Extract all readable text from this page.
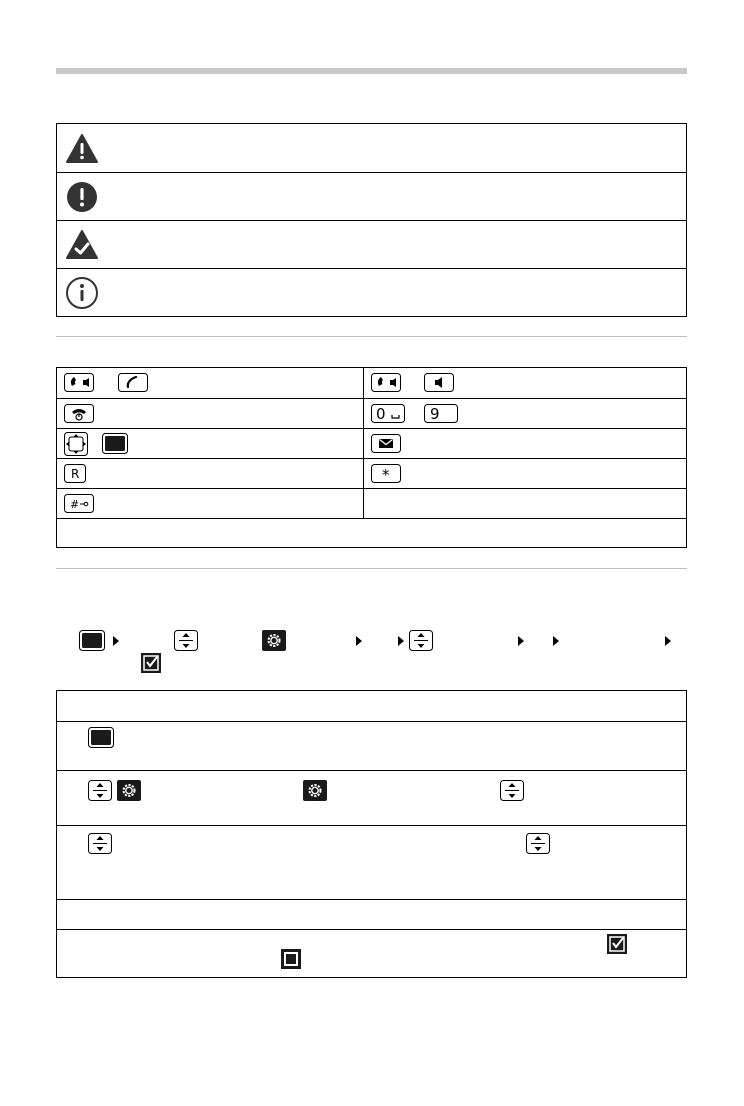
0	9
R	*
#
